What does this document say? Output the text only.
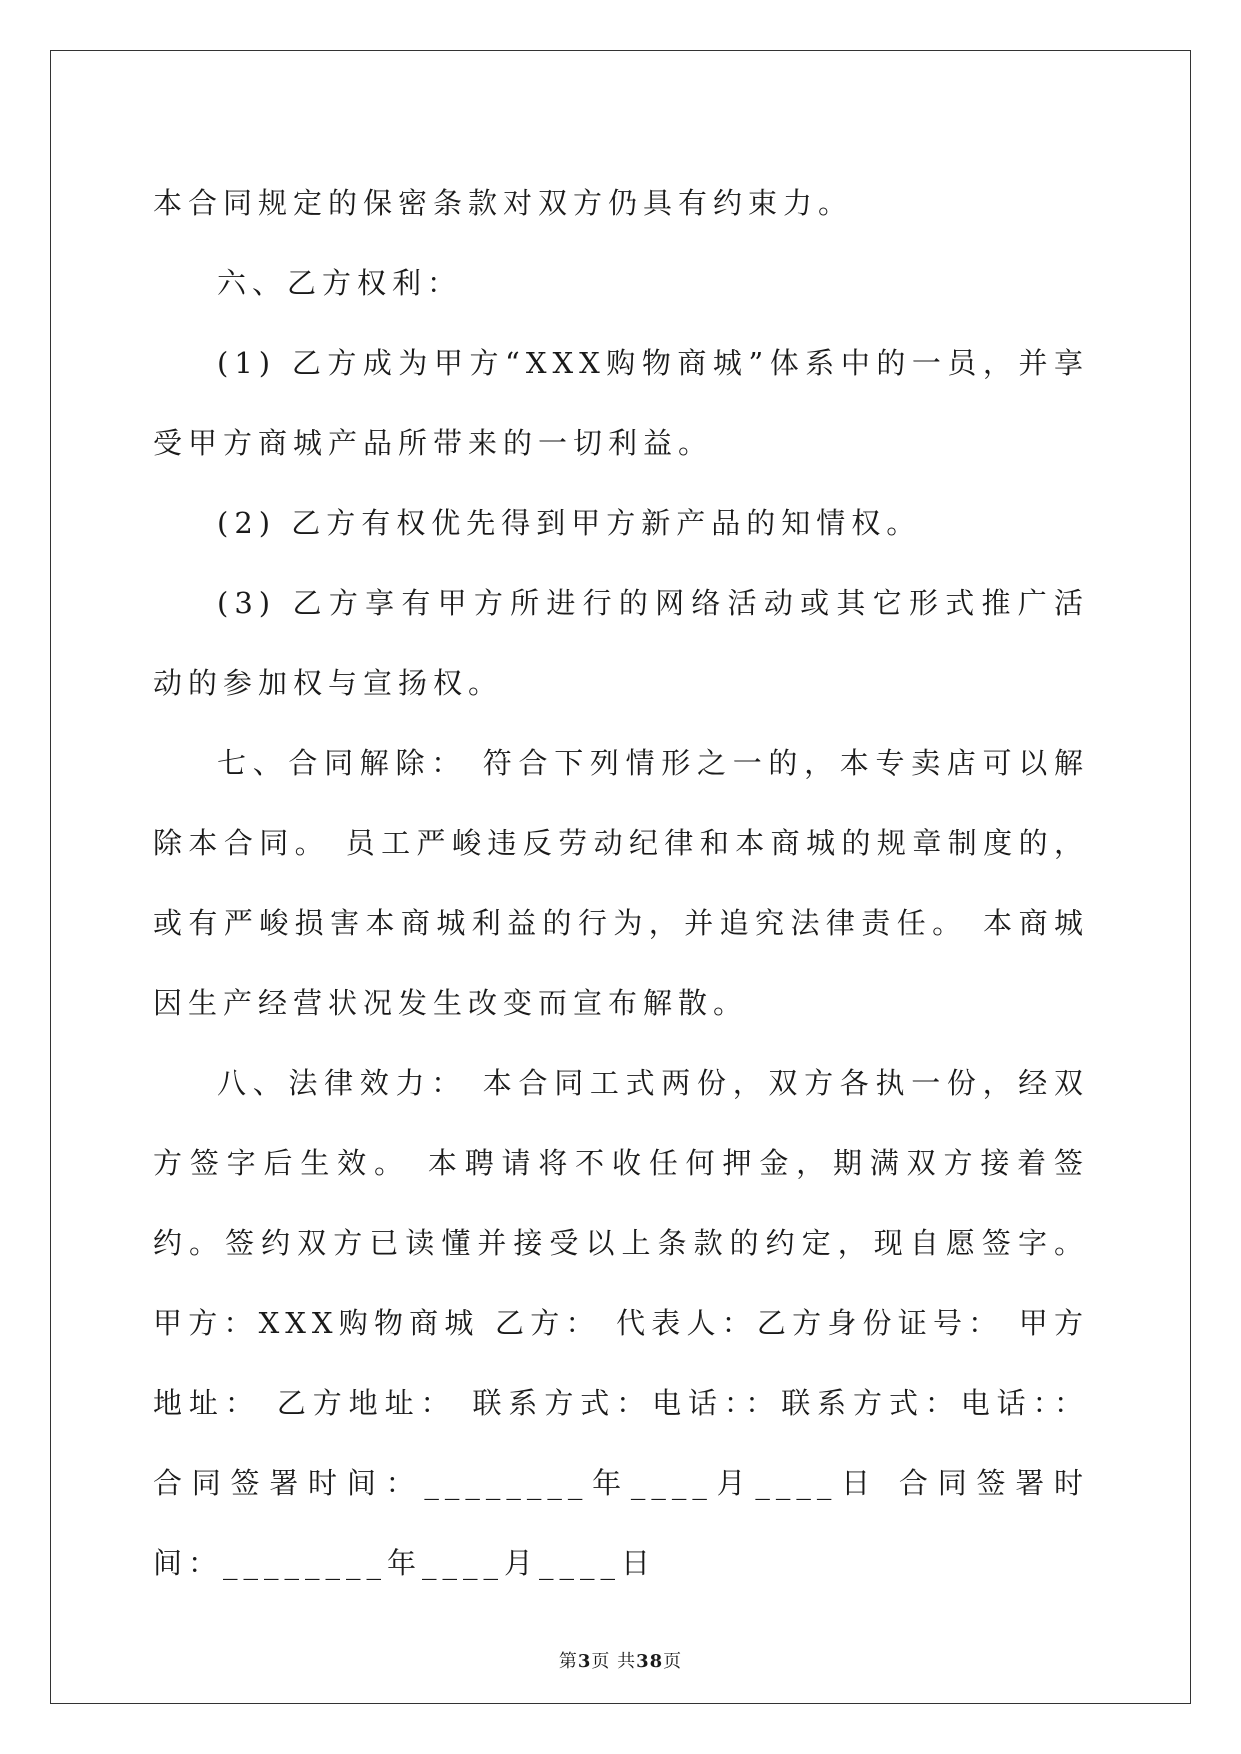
本合同规定的保密条款对双方仍具有约束力。

六、乙方权利：

(1) 乙方成为甲方“XXX购物商城”体系中的一员，并享受甲方商城产品所带来的一切利益。

(2) 乙方有权优先得到甲方新产品的知情权。

(3) 乙方享有甲方所进行的网络活动或其它形式推广活动的参加权与宣扬权。

七、合同解除： 符合下列情形之一的，本专卖店可以解除本合同。 员工严峻违反劳动纪律和本商城的规章制度的，或有严峻损害本商城利益的行为，并追究法律责任。 本商城因生产经营状况发生改变而宣布解散。

八、法律效力： 本合同工式两份，双方各执一份，经双方签字后生效。 本聘请将不收任何押金，期满双方接着签约。签约双方已读懂并接受以上条款的约定，现自愿签字。 甲方：XXX购物商城 乙方： 代表人：乙方身份证号： 甲方地址： 乙方地址： 联系方式：电话：：联系方式：电话：： 合同签署时间：________年____月____日 合同签署时间：________年____月____日

第3页 共38页
